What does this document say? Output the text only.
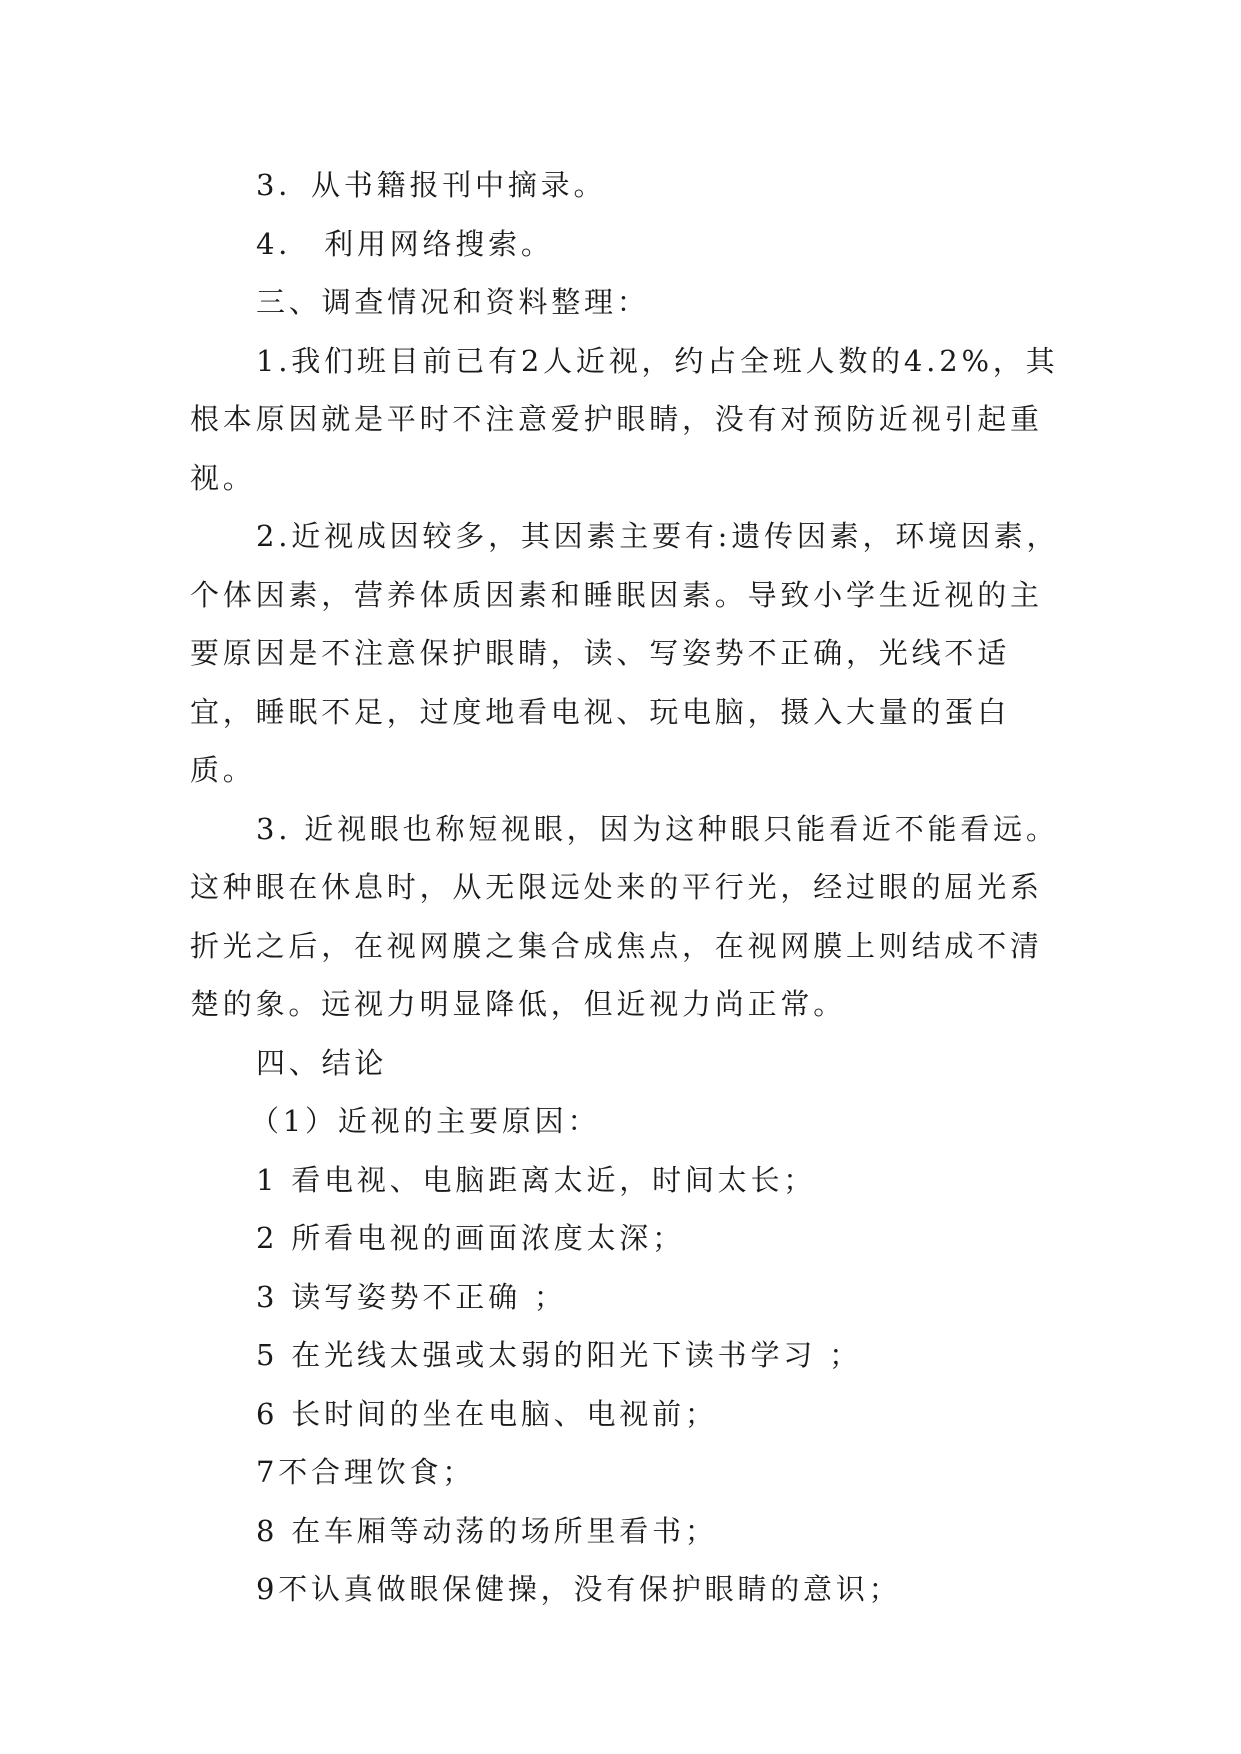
3．从书籍报刊中摘录。

4． 利用网络搜索。

三、调查情况和资料整理：

1.我们班目前已有2人近视，约占全班人数的4.2%，其根本原因就是平时不注意爱护眼睛，没有对预防近视引起重视。

2.近视成因较多，其因素主要有:遗传因素，环境因素，个体因素，营养体质因素和睡眠因素。导致小学生近视的主要原因是不注意保护眼睛，读、写姿势不正确，光线不适宜，睡眠不足，过度地看电视、玩电脑，摄入大量的蛋白质。

3. 近视眼也称短视眼，因为这种眼只能看近不能看远。这种眼在休息时，从无限远处来的平行光，经过眼的屈光系折光之后，在视网膜之集合成焦点，在视网膜上则结成不清楚的象。远视力明显降低，但近视力尚正常。

四、结论

（1）近视的主要原因：

1 看电视、电脑距离太近，时间太长；

2 所看电视的画面浓度太深；

3 读写姿势不正确 ；

5 在光线太强或太弱的阳光下读书学习 ；

6 长时间的坐在电脑、电视前；

7不合理饮食；

8 在车厢等动荡的场所里看书；

9不认真做眼保健操，没有保护眼睛的意识；
